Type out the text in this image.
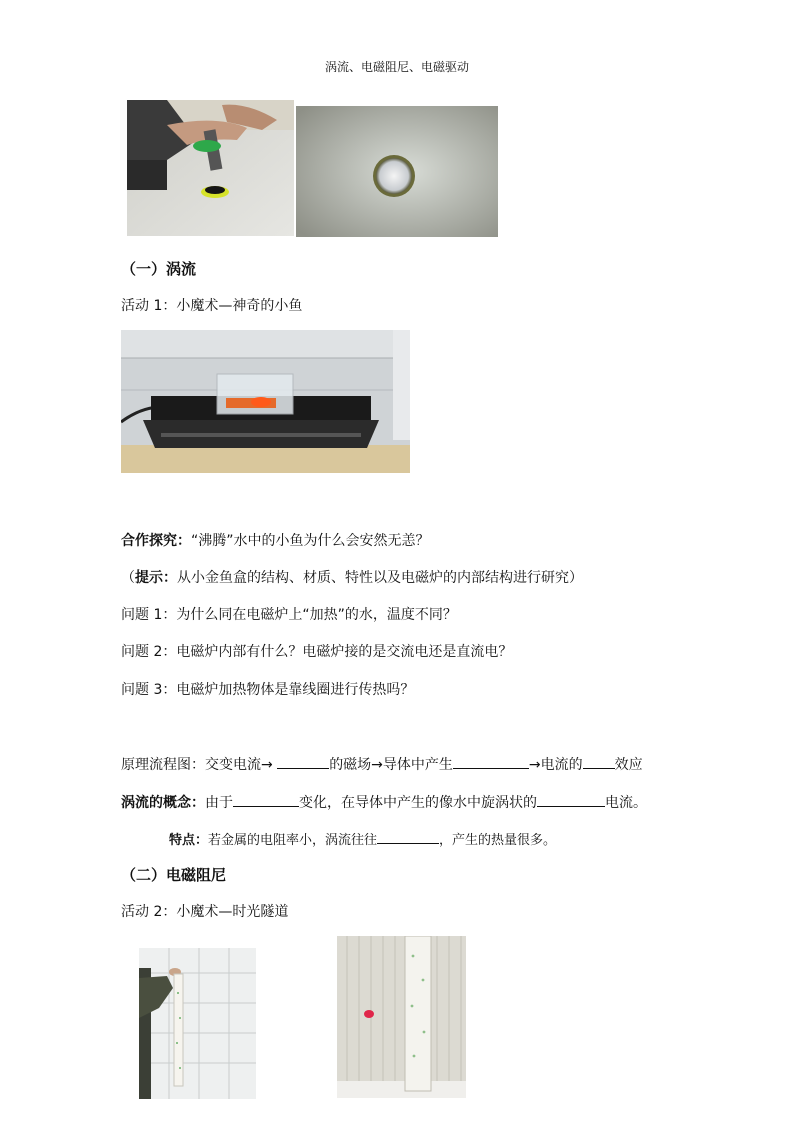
涡流、电磁阻尼、电磁驱动
（一）涡流
活动 1：小魔术—神奇的小鱼
合作探究：“沸腾”水中的小鱼为什么会安然无恙？
（提示：从小金鱼盒的结构、材质、特性以及电磁炉的内部结构进行研究）
问题 1：为什么同在电磁炉上“加热”的水，温度不同？
问题 2：电磁炉内部有什么？电磁炉接的是交流电还是直流电？
问题 3：电磁炉加热物体是靠线圈进行传热吗？
原理流程图：交变电流→	的磁场→导体中产生	→电流的 效应
涡流的概念：由于	变化，在导体中产生的像水中旋涡状的	电流。
特点：若金属的电阻率小，涡流往往	，产生的热量很多。
（二）电磁阻尼
活动 2：小魔术—时光隧道
